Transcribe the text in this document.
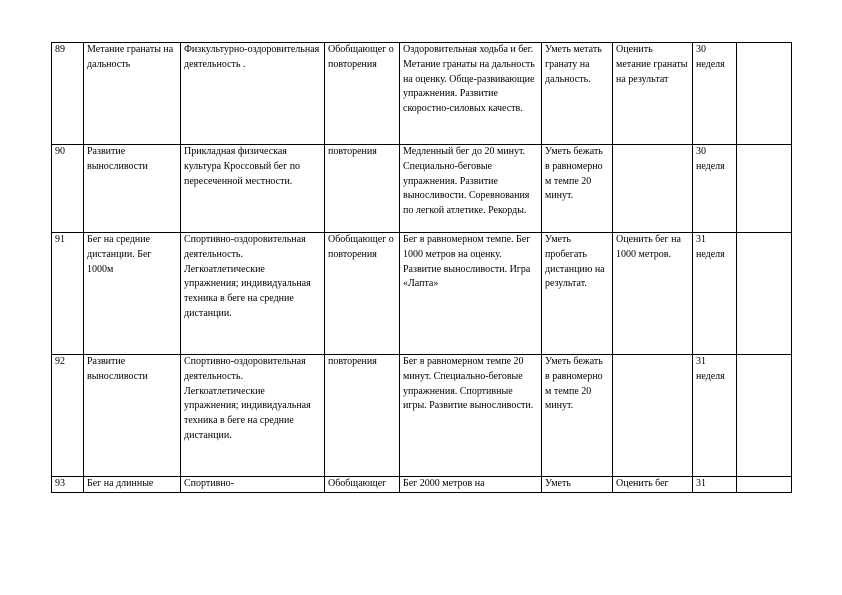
89	Метание гранаты на дальность	Физкультурно-оздоровительная деятельность .	Обобщающег о повторения	Оздоровительная ходьба и бег. Метание гранаты на дальность на оценку. Обще-развивающие упражнения. Развитие скоростно-силовых качеств.	Уметь метать гранату на дальность.	Оценить метание гранаты на результат	30 неделя	
90	Развитие выносливости	Прикладная физическая культура Кроссовый бег по пересеченной местности.	повторения	Медленный бег до 20 минут. Специально-беговые упражнения. Развитие выносливости. Соревнования по легкой атлетике. Рекорды.	Уметь бежать в равномерно м темпе 20 минут.		30 неделя	
91	Бег на средние дистанции. Бег 1000м	Спортивно-оздоровительная деятельность. Легкоатлетические упражнения; индивидуальная техника в беге на средние дистанции.	Обобщающег о повторения	Бег в равномерном темпе. Бег 1000 метров на оценку. Развитие выносливости. Игра «Лапта»	Уметь пробегать дистанцию на результат.	Оценить бег на 1000 метров.	31 неделя	
92	Развитие выносливости	Спортивно-оздоровительная деятельность. Легкоатлетические упражнения; индивидуальная техника в беге на средние дистанции.	повторения	Бег в равномерном темпе 20 минут. Специально-беговые упражнения. Спортивные игры. Развитие выносливости.	Уметь бежать в равномерно м темпе 20 минут.		31 неделя	
93	Бег на длинные	Спортивно-	Обобщающег	Бег 2000 метров на	Уметь	Оценить бег	31	
